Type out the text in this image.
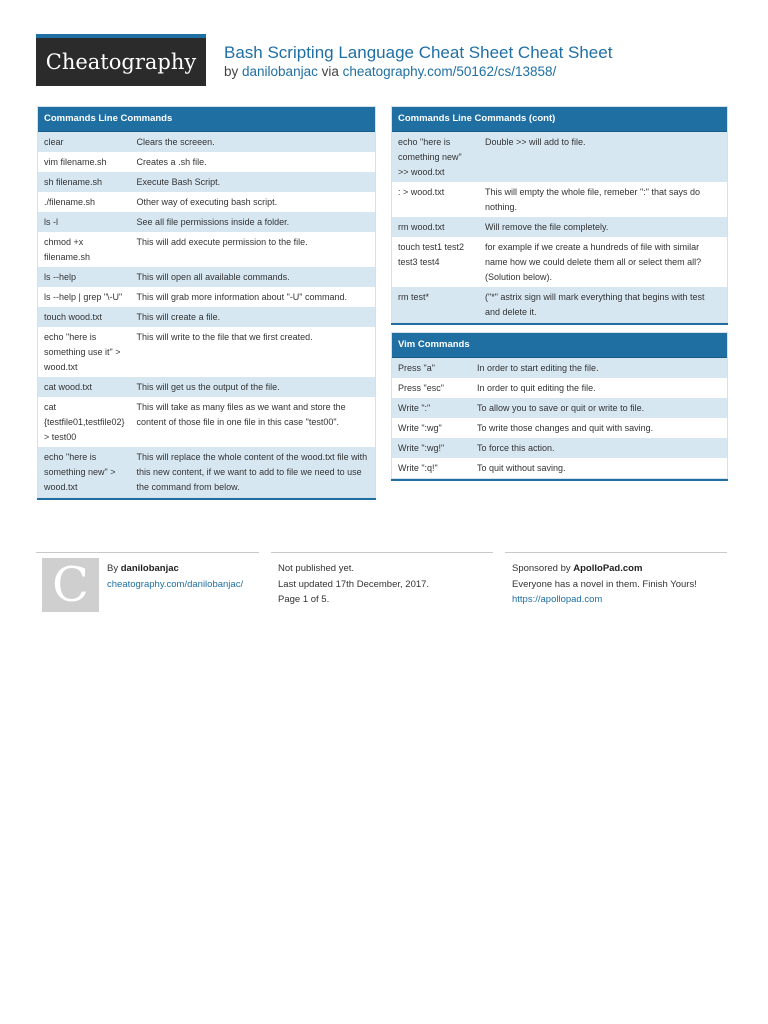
Cheatography Bash Scripting Language Cheat Sheet Cheat Sheet
by danilobanjac via cheatography.com/50162/cs/13858/
Commands Line Commands
clear	Clears the screeen.
vim filename.sh	Creates a .sh file.
sh filename.sh	Execute Bash Script.
./filename.sh	Other way of executing bash script.
ls -l	See all file permissions inside a folder.
chmod +x filename.sh	This will add execute permission to the file.
ls --help	This will open all available commands.
ls --help | grep "\-U"	This will grab more information about "-U" command.
touch wood.txt	This will create a file.
echo "here is something use it" > wood.txt	This will write to the file that we first created.
cat wood.txt	This will get us the output of the file.
cat {testfile01,testfile02} > test00	This will take as many files as we want and store the content of those file in one file in this case "test00".
echo "here is something new" > wood.txt	This will replace the whole content of the wood.txt file with this new content, if we want to add to file we need to use the command from below.
Commands Line Commands (cont)
echo "here is comething new" >> wood.txt	Double >> will add to file.
: > wood.txt	This will empty the whole file, remeber ":" that says do nothing.
rm wood.txt	Will remove the file completely.
touch test1 test2 test3 test4	for example if we create a hundreds of file with similar name how we could delete them all or select them all? (Solution below).
rm test*	("*" astrix sign will mark everything that begins with test and delete it.
Vim Commands
Press "a"	In order to start editing the file.
Press "esc"	In order to quit editing the file.
Write ":"	To allow you to save or quit or write to file.
Write ":wg"	To write those changes and quit with saving.
Write ":wg!"	To force this action.
Write ":q!"	To quit without saving.
C By danilobanjac
cheatography.com/danilobanjac/
Not published yet.
Last updated 17th December, 2017.
Page 1 of 5.
Sponsored by ApolloPad.com
Everyone has a novel in them. Finish Yours!
https://apollopad.com
